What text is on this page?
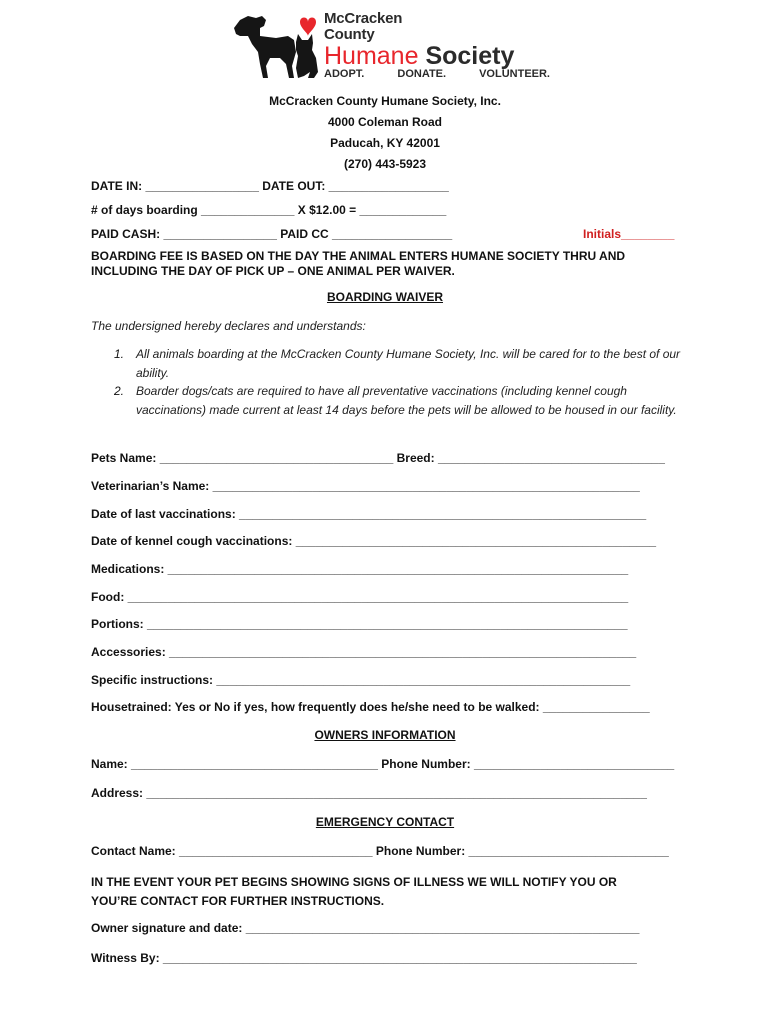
McCracken
County
Humane Society
ADOPT.	DONATE.	VOLUNTEER.
McCracken County Humane Society, Inc.
4000 Coleman Road
Paducah, KY 42001
(270) 443-5923
DATE IN: _________________ DATE OUT: __________________
# of days boarding ______________ X $12.00 = _____________
PAID CASH: _________________ PAID CC __________________	Initials________
BOARDING FEE IS BASED ON THE DAY THE ANIMAL ENTERS HUMANE SOCIETY THRU AND INCLUDING THE DAY OF PICK UP – ONE ANIMAL PER WAIVER.
BOARDING WAIVER
The undersigned hereby declares and understands:
1. All animals boarding at the McCracken County Humane Society, Inc. will be cared for to the best of our ability.
2. Boarder dogs/cats are required to have all preventative vaccinations (including kennel cough vaccinations) made current at least 14 days before the pets will be allowed to be housed in our facility.
Pets Name: ___________________________________ Breed: __________________________________
Veterinarian’s Name: ________________________________________________________________
Date of last vaccinations: _____________________________________________________________
Date of kennel cough vaccinations: ______________________________________________________
Medications: _____________________________________________________________________
Food: ___________________________________________________________________________
Portions: ________________________________________________________________________
Accessories: ______________________________________________________________________
Specific instructions: ______________________________________________________________
Housetrained: Yes or No if yes, how frequently does he/she need to be walked: ________________
OWNERS INFORMATION
Name: _____________________________________ Phone Number: ______________________________
Address: ___________________________________________________________________________
EMERGENCY CONTACT
Contact Name: _____________________________ Phone Number: ______________________________
IN THE EVENT YOUR PET BEGINS SHOWING SIGNS OF ILLNESS WE WILL NOTIFY YOU OR YOU’RE CONTACT FOR FURTHER INSTRUCTIONS.
Owner signature and date: ___________________________________________________________
Witness By: _______________________________________________________________________
